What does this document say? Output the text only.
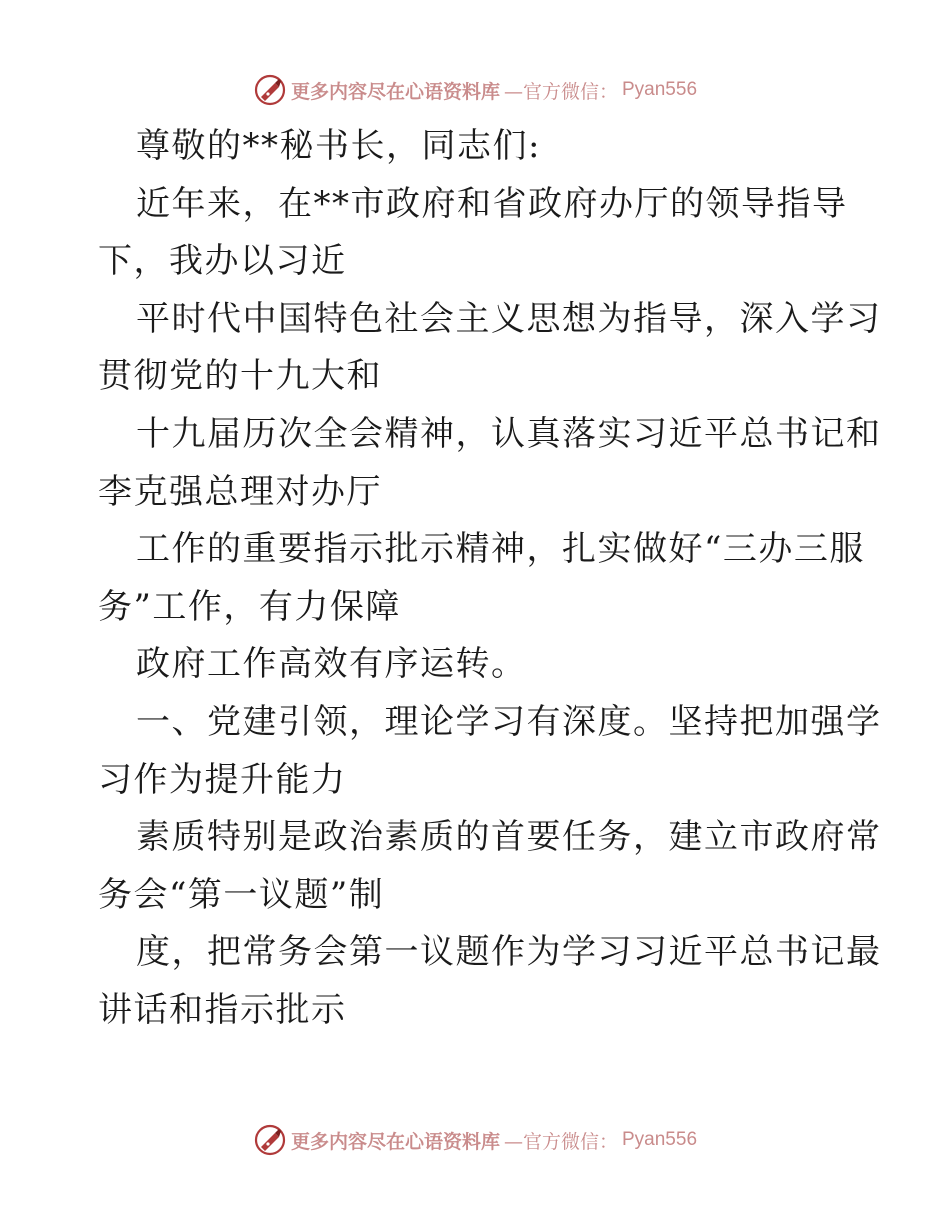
更多内容尽在心语资料库 —官方微信： Pyan556
尊敬的**秘书长，同志们:
近年来，在**市政府和省政府办厅的领导指导
下，我办以习近
平时代中国特色社会主义思想为指导，深入学习
贯彻党的十九大和
十九届历次全会精神，认真落实习近平总书记和
李克强总理对办厅
工作的重要指示批示精神，扎实做好“三办三服
务”工作，有力保障
政府工作高效有序运转。
一、党建引领，理论学习有深度。坚持把加强学
习作为提升能力
素质特别是政治素质的首要任务，建立市政府常
务会“第一议题”制
度，把常务会第一议题作为学习习近平总书记最
讲话和指示批示
更多内容尽在心语资料库 —官方微信： Pyan556
